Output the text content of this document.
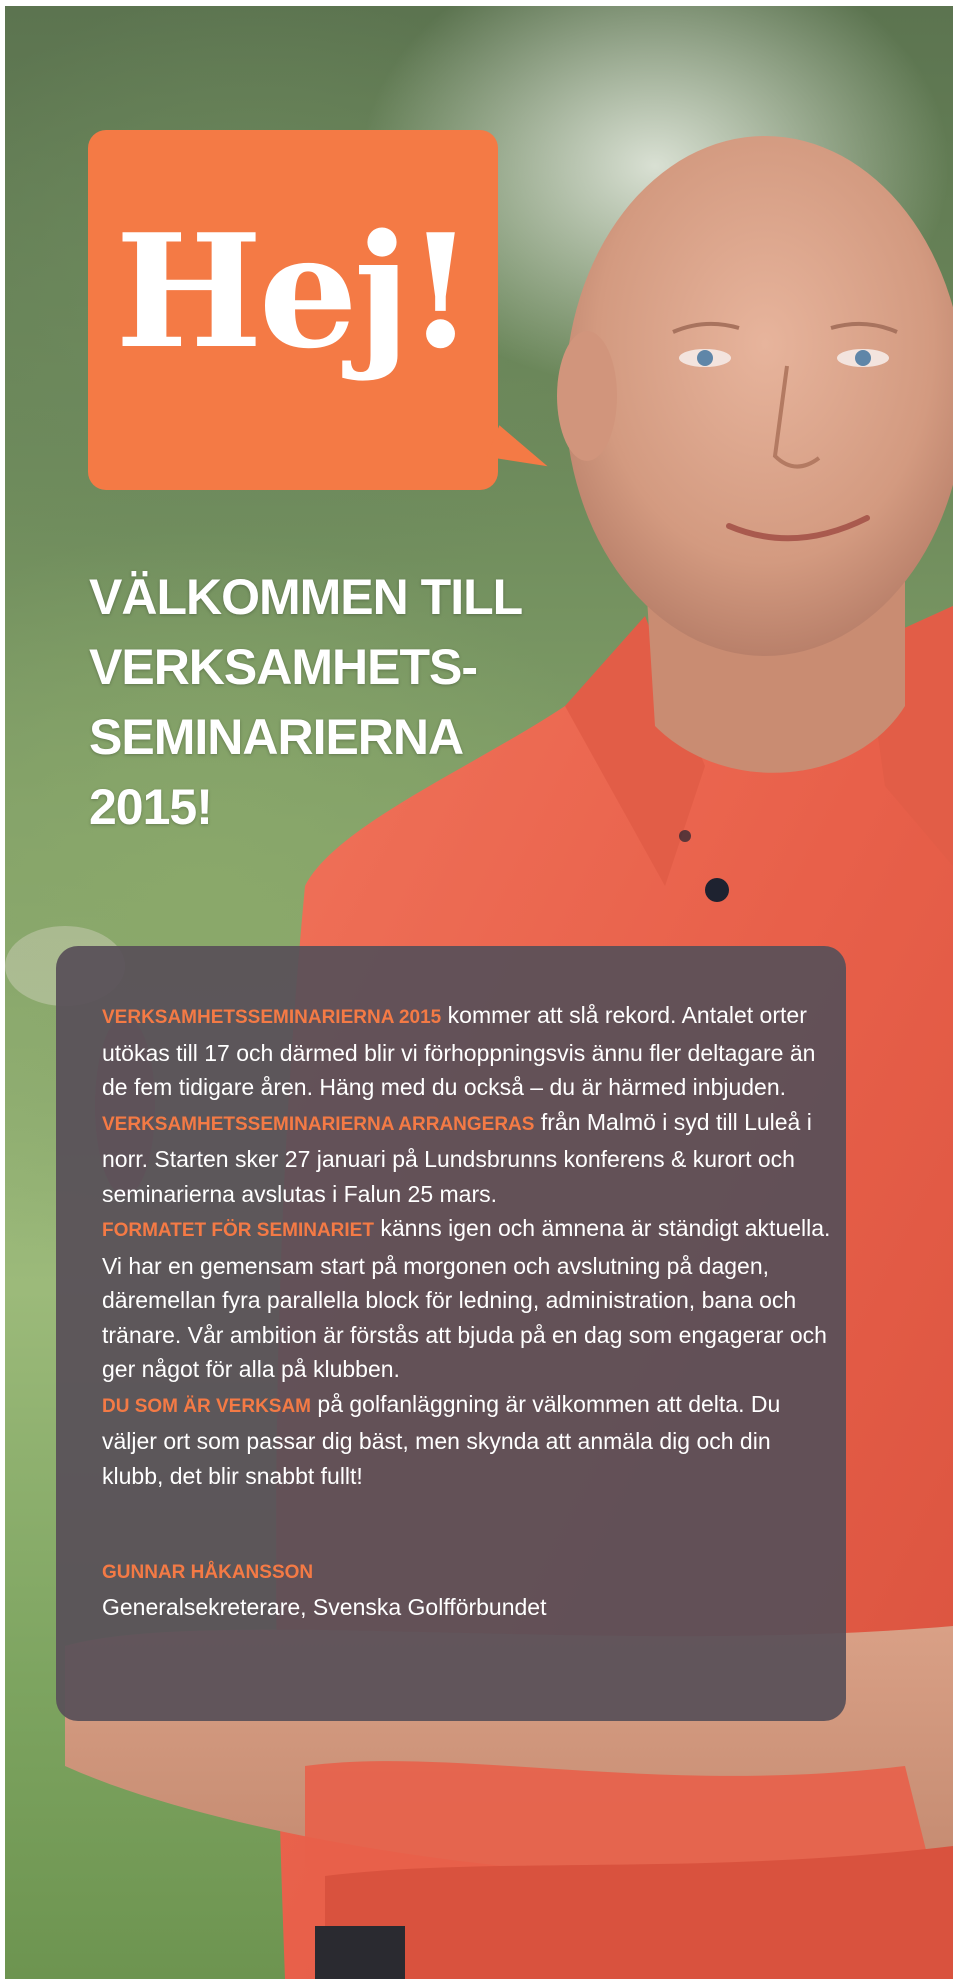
Hej!
VÄLKOMMEN TILL
VERKSAMHETS-
SEMINARIERNA
2015!

VERKSAMHETSSEMINARIERNA 2015 kommer att slå rekord. Antalet orter utökas till 17 och därmed blir vi förhoppningsvis ännu fler deltagare än de fem tidigare åren. Häng med du också – du är härmed inbjuden.

VERKSAMHETSSEMINARIERNA ARRANGERAS från Malmö i syd till Luleå i norr. Starten sker 27 januari på Lundsbrunns konferens & kurort och seminarierna avslutas i Falun 25 mars.

FORMATET FÖR SEMINARIET känns igen och ämnena är ständigt aktuella. Vi har en gemensam start på morgonen och avslutning på dagen, däremellan fyra parallella block för ledning, administration, bana och tränare. Vår ambition är förstås att bjuda på en dag som engagerar och ger något för alla på klubben.

DU SOM ÄR VERKSAM på golfanläggning är välkommen att delta. Du väljer ort som passar dig bäst, men skynda att anmäla dig och din klubb, det blir snabbt fullt!

GUNNAR HÅKANSSON
Generalsekreterare, Svenska Golfförbundet
